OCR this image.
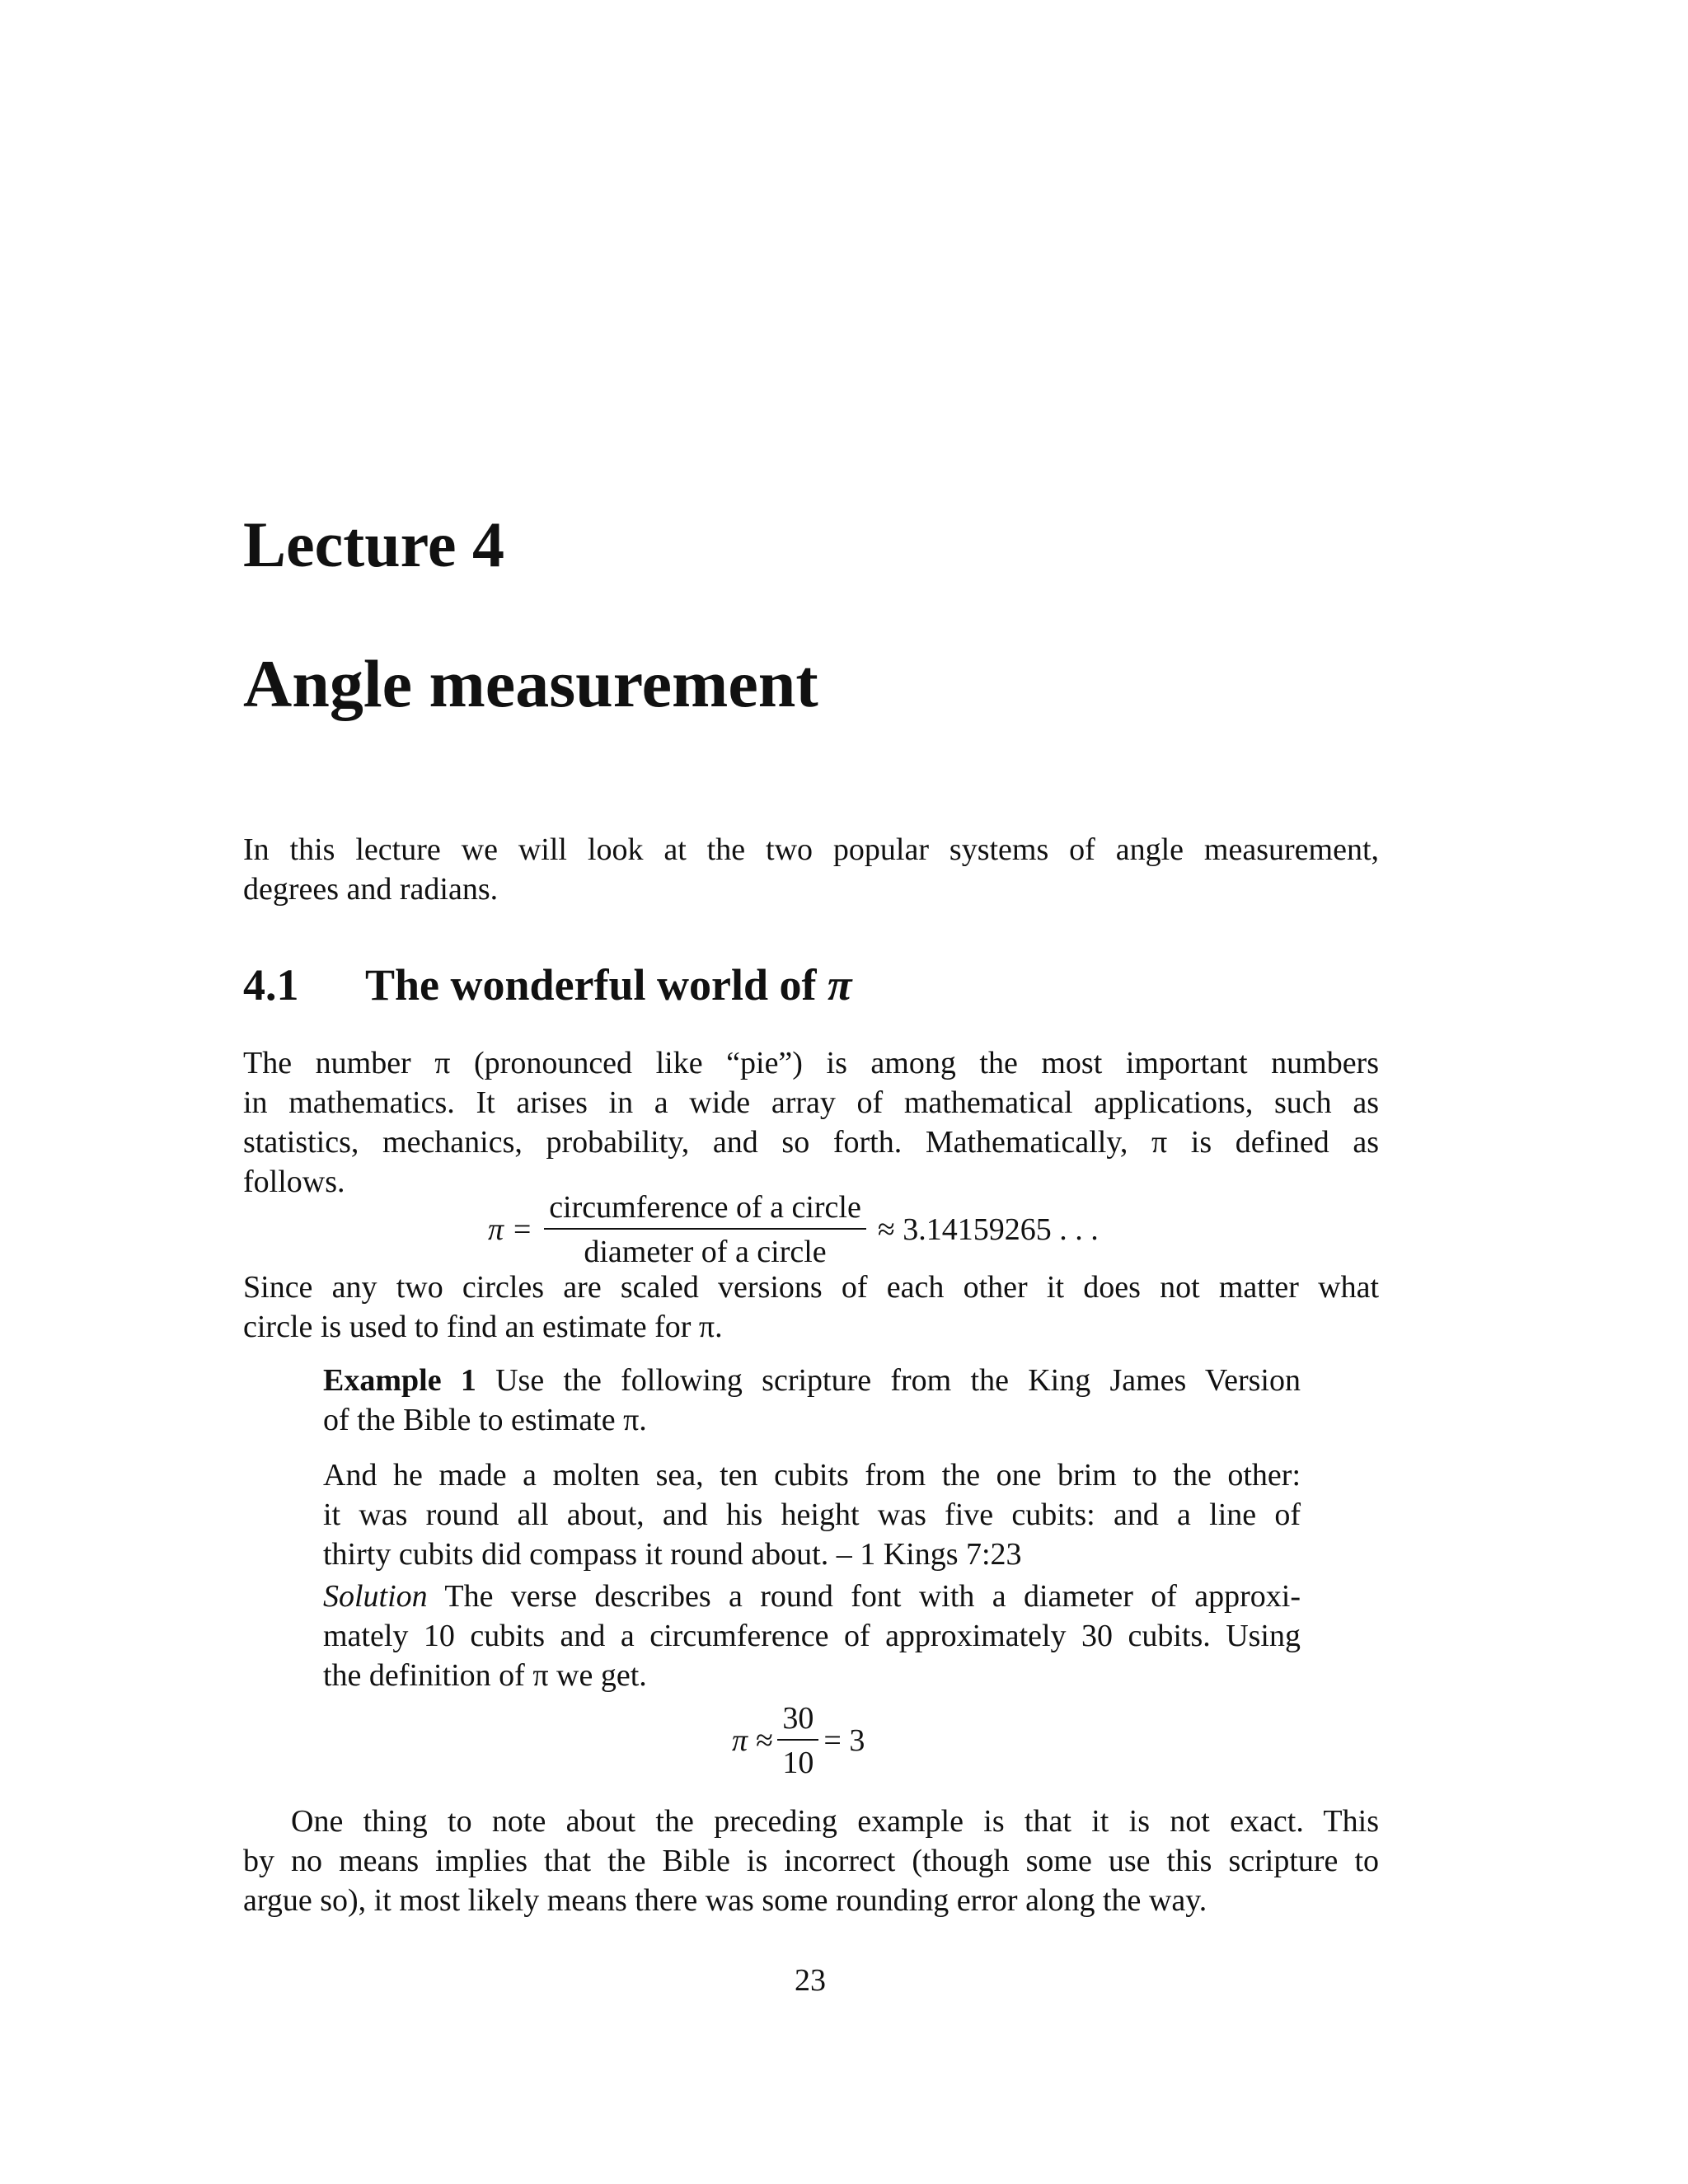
Lecture 4
Angle measurement
In this lecture we will look at the two popular systems of angle measurement,
degrees and radians.
4.1 The wonderful world of π
The number π (pronounced like “pie”) is among the most important numbers
in mathematics. It arises in a wide array of mathematical applications, such as
statistics, mechanics, probability, and so forth. Mathematically, π is defined as
follows.
$\pi = \frac{\text{circumference of a circle}}{\text{diameter of a circle}} \approx 3.14159265$ . . .
Since any two circles are scaled versions of each other it does not matter what
circle is used to find an estimate for π.
Example 1 Use the following scripture from the King James Version
of the Bible to estimate π.
And he made a molten sea, ten cubits from the one brim to the other:
it was round all about, and his height was five cubits: and a line of
thirty cubits did compass it round about. – 1 Kings 7:23
Solution The verse describes a round font with a diameter of approxi-
mately 10 cubits and a circumference of approximately 30 cubits. Using
the definition of π we get.
$\pi \approx \frac{30}{10} = 3$
One thing to note about the preceding example is that it is not exact. This
by no means implies that the Bible is incorrect (though some use this scripture to
argue so), it most likely means there was some rounding error along the way.
23
